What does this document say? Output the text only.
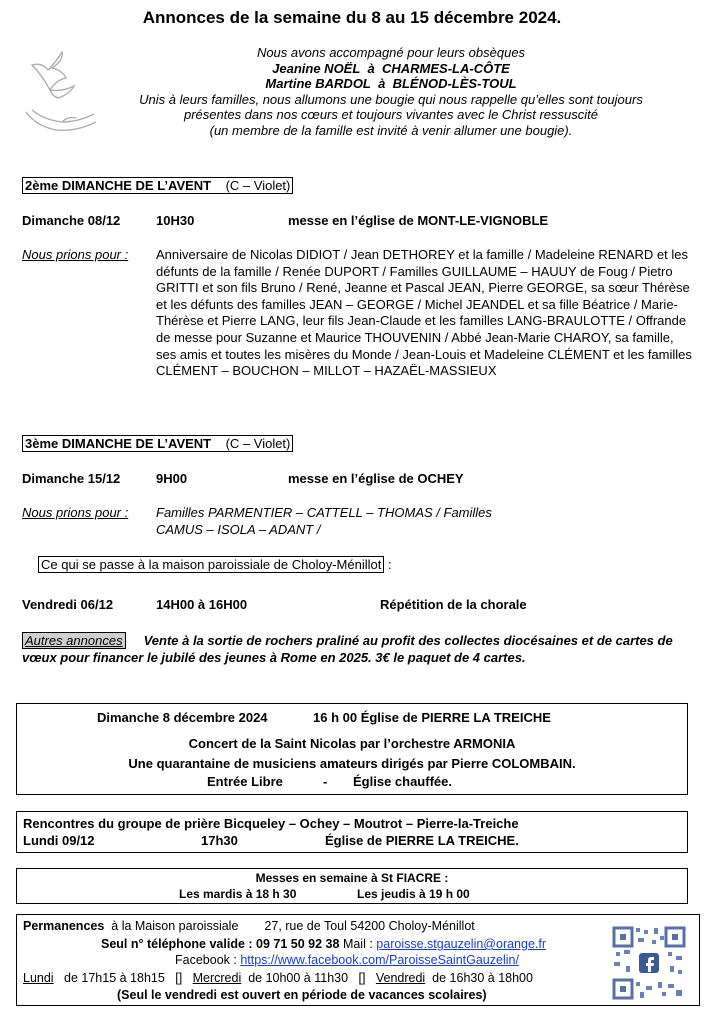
Annonces de la semaine du 8 au 15 décembre 2024.
Nous avons accompagné pour leurs obsèques
Jeanine NOËL à CHARMES-LA-CÔTE
Martine BARDOL à BLÉNOD-LÈS-TOUL
Unis à leurs familles, nous allumons une bougie qui nous rappelle qu’elles sont toujours
présentes dans nos cœurs et toujours vivantes avec le Christ ressuscité
(un membre de la famille est invité à venir allumer une bougie).
2ème DIMANCHE DE L’AVENT (C – Violet)
Dimanche 08/12	10H30	messe en l’église de MONT-LE-VIGNOBLE
Nous prions pour : Anniversaire de Nicolas DIDIOT / Jean DETHOREY et la famille / Madeleine RENARD et les défunts de la famille / Renée DUPORT / Familles GUILLAUME – HAUUY de Foug / Pietro GRITTI et son fils Bruno / René, Jeanne et Pascal JEAN, Pierre GEORGE, sa sœur Thérèse et les défunts des familles JEAN – GEORGE / Michel JEANDEL et sa fille Béatrice / Marie-Thérèse et Pierre LANG, leur fils Jean-Claude et les familles LANG-BRAULOTTE / Offrande de messe pour Suzanne et Maurice THOUVENIN / Abbé Jean-Marie CHAROY, sa famille, ses amis et toutes les misères du Monde / Jean-Louis et Madeleine CLÉMENT et les familles CLÉMENT – BOUCHON – MILLOT – HAZAËL-MASSIEUX
3ème DIMANCHE DE L’AVENT (C – Violet)
Dimanche 15/12	9H00	messe en l’église de OCHEY
Nous prions pour : Familles PARMENTIER – CATTELL – THOMAS / Familles CAMUS – ISOLA – ADANT /
Ce qui se passe à la maison paroissiale de Choloy-Ménillot :
Vendredi 06/12	14H00 à 16H00	Répétition de la chorale
Autres annonces Vente à la sortie de rochers praliné au profit des collectes diocésaines et de cartes de vœux pour financer le jubilé des jeunes à Rome en 2025. 3€ le paquet de 4 cartes.
Dimanche 8 décembre 2024	16 h 00 Église de PIERRE LA TREICHE
Concert de la Saint Nicolas par l’orchestre ARMONIA
Une quarantaine de musiciens amateurs dirigés par Pierre COLOMBAIN.
Entrée Libre	- Église chauffée.
Rencontres du groupe de prière Bicqueley – Ochey – Moutrot – Pierre-la-Treiche
Lundi 09/12	17h30	Église de PIERRE LA TREICHE.
Messes en semaine à St FIACRE :
Les mardis à 18 h 30	Les jeudis à 19 h 00
Permanences à la Maison paroissiale 27, rue de Toul 54200 Choloy-Ménillot
Seul n° téléphone valide : 09 71 50 92 38 Mail : paroisse.stgauzelin@orange.fr
Facebook : https://www.facebook.com/ParoisseSaintGauzelin/
Lundi de 17h15 à 18h15 [] Mercredi de 10h00 à 11h30 [] Vendredi de 16h30 à 18h00
(Seul le vendredi est ouvert en période de vacances scolaires)
